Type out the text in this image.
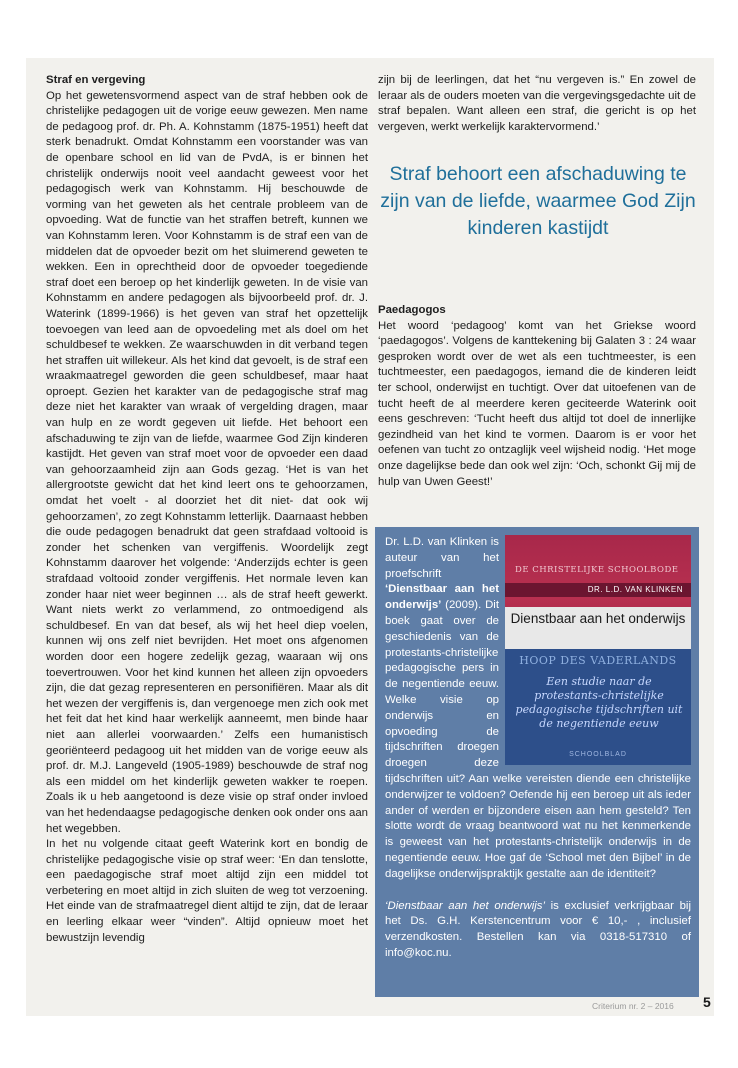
Straf en vergeving

Op het gewetensvormend aspect van de straf hebben ook de christelijke pedagogen uit de vorige eeuw gewezen. Men name de pedagoog prof. dr. Ph. A. Kohnstamm (1875-1951) heeft dat sterk benadrukt. Omdat Kohnstamm een voorstander was van de openbare school en lid van de PvdA, is er binnen het christelijk onderwijs nooit veel aandacht geweest voor het pedagogisch werk van Kohnstamm. Hij beschouwde de vorming van het geweten als het centrale probleem van de opvoeding. Wat de functie van het straffen betreft, kunnen we van Kohnstamm leren. Voor Kohnstamm is de straf een van de middelen dat de opvoeder bezit om het sluimerend geweten te wekken. Een in oprechtheid door de opvoeder toegediende straf doet een beroep op het kinderlijk geweten. In de visie van Kohnstamm en andere pedagogen als bijvoorbeeld prof. dr. J. Waterink (1899-1966) is het geven van straf het opzettelijk toevoegen van leed aan de opvoedeling met als doel om het schuldbesef te wekken. Ze waarschuwden in dit verband tegen het straffen uit willekeur. Als het kind dat gevoelt, is de straf een wraakmaatregel geworden die geen schuldbesef, maar haat oproept. Gezien het karakter van de pedagogische straf mag deze niet het karakter van wraak of vergelding dragen, maar van hulp en ze wordt gegeven uit liefde. Het behoort een afschaduwing te zijn van de liefde, waarmee God Zijn kinderen kastijdt. Het geven van straf moet voor de opvoeder een daad van gehoorzaamheid zijn aan Gods gezag. ‘Het is van het allergrootste gewicht dat het kind leert ons te gehoorzamen, omdat het voelt - al doorziet het dit niet- dat ook wij gehoorzamen’, zo zegt Kohnstamm letterlijk. Daarnaast hebben die oude pedagogen benadrukt dat geen strafdaad voltooid is zonder het schenken van vergiffenis. Woordelijk zegt Kohnstamm daarover het volgende: ‘Anderzijds echter is geen strafdaad voltooid zonder vergiffenis. Het normale leven kan zonder haar niet weer beginnen … als de straf heeft gewerkt. Want niets werkt zo verlammend, zo ontmoedigend als schuldbesef. En van dat besef, als wij het heel diep voelen, kunnen wij ons zelf niet bevrijden. Het moet ons afgenomen worden door een hogere zedelijk gezag, waaraan wij ons toevertrouwen. Voor het kind kunnen het alleen zijn opvoeders zijn, die dat gezag representeren en personifiëren. Maar als dit het wezen der vergiffenis is, dan vergenoege men zich ook met het feit dat het kind haar werkelijk aanneemt, men binde haar niet aan allerlei voorwaarden.’ Zelfs een humanistisch georiënteerd pedagoog uit het midden van de vorige eeuw als prof. dr. M.J. Langeveld (1905-1989) beschouwde de straf nog als een middel om het kinderlijk geweten wakker te roepen. Zoals ik u heb aangetoond is deze visie op straf onder invloed van het hedendaagse pedagogische denken ook onder ons aan het wegebben.

In het nu volgende citaat geeft Waterink kort en bondig de christelijke pedagogische visie op straf weer: ‘En dan tenslotte, een paedagogische straf moet altijd zijn een middel tot verbetering en moet altijd in zich sluiten de weg tot verzoening. Het einde van de strafmaatregel dient altijd te zijn, dat de leraar en leerling elkaar weer “vinden”. Altijd opnieuw moet het bewustzijn levendig

zijn bij de leerlingen, dat het “nu vergeven is.” En zowel de leraar als de ouders moeten van die vergevingsgedachte uit de straf bepalen. Want alleen een straf, die gericht is op het vergeven, werkt werkelijk karaktervormend.’

Straf behoort een afschaduwing te zijn van de liefde, waarmee God Zijn kinderen kastijdt

Paedagogos

Het woord ‘pedagoog’ komt van het Griekse woord ‘paedagogos’. Volgens de kanttekening bij Galaten 3 : 24 waar gesproken wordt over de wet als een tuchtmeester, is een tuchtmeester, een paedagogos, iemand die de kinderen leidt ter school, onderwijst en tuchtigt. Over dat uitoefenen van de tucht heeft de al meerdere keren geciteerde Waterink ooit eens geschreven: ‘Tucht heeft dus altijd tot doel de innerlijke gezindheid van het kind te vormen. Daarom is er voor het oefenen van tucht zo ontzaglijk veel wijsheid nodig. ‘Het moge onze dagelijkse bede dan ook wel zijn: ‘Och, schonkt Gij mij de hulp van Uwen Geest!’

DE CHRISTELIJKE SCHOOLBODE
DR. L.D. VAN KLINKEN
Dienstbaar aan het onderwijs
HOOP DES VADERLANDS
Een studie naar de protestants-christelijke pedagogische tijdschriften uit de negentiende eeuw
SCHOOLBLAD

Dr. L.D. van Klinken is auteur van het proefschrift ‘Dienstbaar aan het onderwijs’ (2009). Dit boek gaat over de geschiedenis van de protestants-christelijke pedagogische pers in de negentiende eeuw. Welke visie op onderwijs en opvoeding de tijdschriften droegen droegen deze tijdschriften uit? Aan welke vereisten diende een christelijke onderwijzer te voldoen? Oefende hij een beroep uit als ieder ander of werden er bijzondere eisen aan hem gesteld? Ten slotte wordt de vraag beantwoord wat nu het kenmerkende is geweest van het protestants-christelijk onderwijs in de negentiende eeuw. Hoe gaf de ‘School met den Bijbel’ in de dagelijkse onderwijspraktijk gestalte aan de identiteit?

‘Dienstbaar aan het onderwijs’ is exclusief verkrijgbaar bij het Ds. G.H. Kerstencentrum voor € 10,- , inclusief verzendkosten. Bestellen kan via 0318-517310 of info@koc.nu.

Criterium nr. 2 – 2016 5
